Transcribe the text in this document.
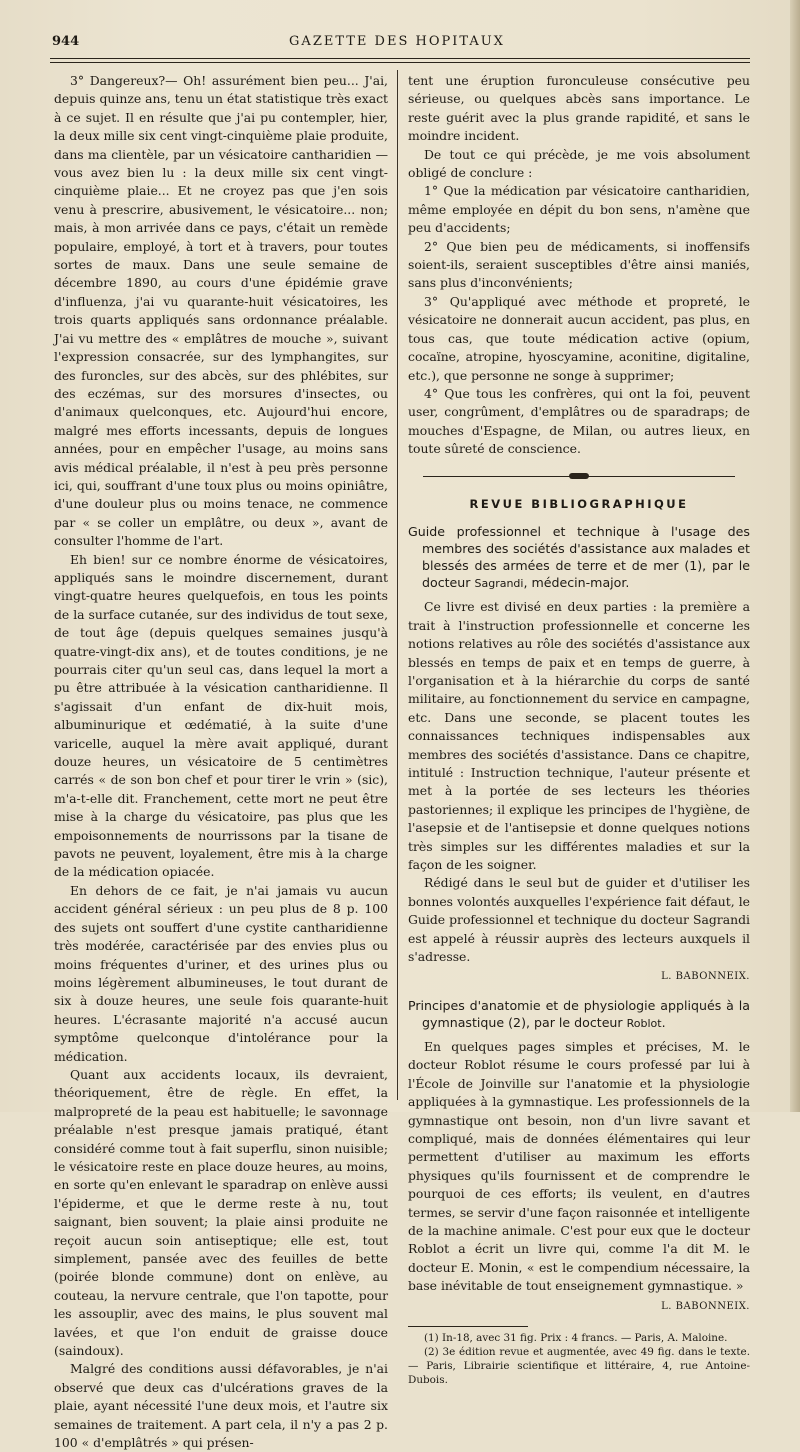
944	GAZETTE DES HOPITAUX

3° Dangereux?— Oh! assurément bien peu... J'ai, depuis quinze ans, tenu un état statistique très exact à ce sujet. Il en résulte que j'ai pu contempler, hier, la deux mille six cent vingt-cinquième plaie produite, dans ma clientèle, par un vésicatoire cantharidien — vous avez bien lu : la deux mille six cent vingt-cinquième plaie... Et ne croyez pas que j'en sois venu à prescrire, abusivement, le vésicatoire... non; mais, à mon arrivée dans ce pays, c'était un remède populaire, employé, à tort et à travers, pour toutes sortes de maux. Dans une seule semaine de décembre 1890, au cours d'une épidémie grave d'influenza, j'ai vu quarante-huit vésicatoires, les trois quarts appliqués sans ordonnance préalable. J'ai vu mettre des « emplâtres de mouche », suivant l'expression consacrée, sur des lymphangites, sur des furoncles, sur des abcès, sur des phlébites, sur des eczémas, sur des morsures d'insectes, ou d'animaux quelconques, etc. Aujourd'hui encore, malgré mes efforts incessants, depuis de longues années, pour en empêcher l'usage, au moins sans avis médical préalable, il n'est à peu près personne ici, qui, souffrant d'une toux plus ou moins opiniâtre, d'une douleur plus ou moins tenace, ne commence par « se coller un emplâtre, ou deux », avant de consulter l'homme de l'art.

Eh bien! sur ce nombre énorme de vésicatoires, appliqués sans le moindre discernement, durant vingt-quatre heures quelquefois, en tous les points de la surface cutanée, sur des individus de tout sexe, de tout âge (depuis quelques semaines jusqu'à quatre-vingt-dix ans), et de toutes conditions, je ne pourrais citer qu'un seul cas, dans lequel la mort a pu être attribuée à la vésication cantharidienne. Il s'agissait d'un enfant de dix-huit mois, albuminurique et œdématié, à la suite d'une varicelle, auquel la mère avait appliqué, durant douze heures, un vésicatoire de 5 centimètres carrés « de son bon chef et pour tirer le vrin » (sic), m'a-t-elle dit. Franchement, cette mort ne peut être mise à la charge du vésicatoire, pas plus que les empoisonnements de nourrissons par la tisane de pavots ne peuvent, loyalement, être mis à la charge de la médication opiacée.

En dehors de ce fait, je n'ai jamais vu aucun accident général sérieux : un peu plus de 8 p. 100 des sujets ont souffert d'une cystite cantharidienne très modérée, caractérisée par des envies plus ou moins fréquentes d'uriner, et des urines plus ou moins légèrement albumineuses, le tout durant de six à douze heures, une seule fois quarante-huit heures. L'écrasante majorité n'a accusé aucun symptôme quelconque d'intolérance pour la médication.

Quant aux accidents locaux, ils devraient, théoriquement, être de règle. En effet, la malpropreté de la peau est habituelle; le savonnage préalable n'est presque jamais pratiqué, étant considéré comme tout à fait superflu, sinon nuisible; le vésicatoire reste en place douze heures, au moins, en sorte qu'en enlevant le sparadrap on enlève aussi l'épiderme, et que le derme reste à nu, tout saignant, bien souvent; la plaie ainsi produite ne reçoit aucun soin antiseptique; elle est, tout simplement, pansée avec des feuilles de bette (poirée blonde commune) dont on enlève, au couteau, la nervure centrale, que l'on tapotte, pour les assouplir, avec des mains, le plus souvent mal lavées, et que l'on enduit de graisse douce (saindoux).

Malgré des conditions aussi défavorables, je n'ai observé que deux cas d'ulcérations graves de la plaie, ayant nécessité l'une deux mois, et l'autre six semaines de traitement. A part cela, il n'y a pas 2 p. 100 « d'emplâtrés » qui présen-

tent une éruption furonculeuse consécutive peu sérieuse, ou quelques abcès sans importance. Le reste guérit avec la plus grande rapidité, et sans le moindre incident.

De tout ce qui précède, je me vois absolument obligé de conclure :

1° Que la médication par vésicatoire cantharidien, même employée en dépit du bon sens, n'amène que peu d'accidents;

2° Que bien peu de médicaments, si inoffensifs soient-ils, seraient susceptibles d'être ainsi maniés, sans plus d'inconvénients;

3° Qu'appliqué avec méthode et propreté, le vésicatoire ne donnerait aucun accident, pas plus, en tous cas, que toute médication active (opium, cocaïne, atropine, hyoscyamine, aconitine, digitaline, etc.), que personne ne songe à supprimer;

4° Que tous les confrères, qui ont la foi, peuvent user, congrûment, d'emplâtres ou de sparadraps; de mouches d'Espagne, de Milan, ou autres lieux, en toute sûreté de conscience.

REVUE BIBLIOGRAPHIQUE
Guide professionnel et technique à l'usage des membres des sociétés d'assistance aux malades et blessés des armées de terre et de mer (1), par le docteur Sagrandi, médecin-major.

Ce livre est divisé en deux parties : la première a trait à l'instruction professionnelle et concerne les notions relatives au rôle des sociétés d'assistance aux blessés en temps de paix et en temps de guerre, à l'organisation et à la hiérarchie du corps de santé militaire, au fonctionnement du service en campagne, etc. Dans une seconde, se placent toutes les connaissances techniques indispensables aux membres des sociétés d'assistance. Dans ce chapitre, intitulé : Instruction technique, l'auteur présente et met à la portée de ses lecteurs les théories pastoriennes; il explique les principes de l'hygiène, de l'asepsie et de l'antisepsie et donne quelques notions très simples sur les différentes maladies et sur la façon de les soigner.

Rédigé dans le seul but de guider et d'utiliser les bonnes volontés auxquelles l'expérience fait défaut, le Guide professionnel et technique du docteur Sagrandi est appelé à réussir auprès des lecteurs auxquels il s'adresse.

L. BABONNEIX.
Principes d'anatomie et de physiologie appliqués à la gymnastique (2), par le docteur Roblot.

En quelques pages simples et précises, M. le docteur Roblot résume le cours professé par lui à l'École de Joinville sur l'anatomie et la physiologie appliquées à la gymnastique. Les professionnels de la gymnastique ont besoin, non d'un livre savant et compliqué, mais de données élémentaires qui leur permettent d'utiliser au maximum les efforts physiques qu'ils fournissent et de comprendre le pourquoi de ces efforts; ils veulent, en d'autres termes, se servir d'une façon raisonnée et intelligente de la machine animale. C'est pour eux que le docteur Roblot a écrit un livre qui, comme l'a dit M. le docteur E. Monin, « est le compendium nécessaire, la base inévitable de tout enseignement gymnastique. »

L. BABONNEIX.

(1) In-18, avec 31 fig. Prix : 4 francs. — Paris, A. Maloine.

(2) 3e édition revue et augmentée, avec 49 fig. dans le texte. — Paris, Librairie scientifique et littéraire, 4, rue Antoine-Dubois.
